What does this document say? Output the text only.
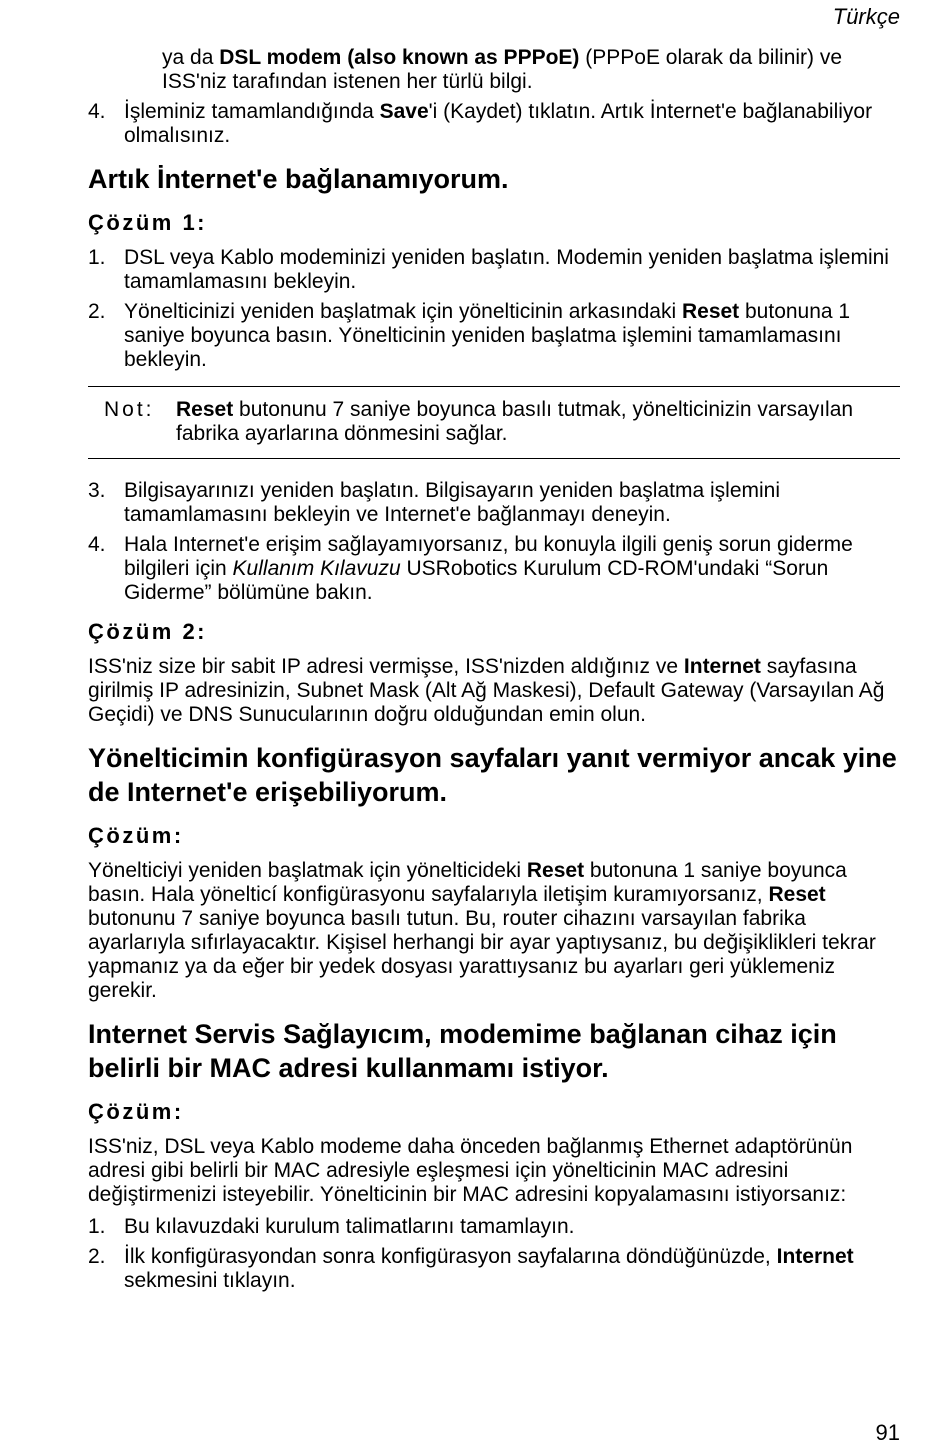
Türkçe

ya da DSL modem (also known as PPPoE) (PPPoE olarak da bilinir) ve ISS'niz tarafından istenen her türlü bilgi.

4. İşleminiz tamamlandığında Save'i (Kaydet) tıklatın. Artık İnternet'e bağlanabiliyor olmalısınız.
Artık İnternet'e bağlanamıyorum.
Çözüm 1:
1. DSL veya Kablo modeminizi yeniden başlatın. Modemin yeniden başlatma işlemini tamamlamasını bekleyin.
2. Yönelticinizi yeniden başlatmak için yönelticinin arkasındaki Reset butonuna 1 saniye boyunca basın. Yönelticinin yeniden başlatma işlemini tamamlamasını bekleyin.
Not:	Reset butonunu 7 saniye boyunca basılı tutmak, yönelticinizin varsayılan fabrika ayarlarına dönmesini sağlar.

3. Bilgisayarınızı yeniden başlatın. Bilgisayarın yeniden başlatma işlemini tamamlamasını bekleyin ve Internet'e bağlanmayı deneyin.
4. Hala Internet'e erişim sağlayamıyorsanız, bu konuyla ilgili geniş sorun giderme bilgileri için Kullanım Kılavuzu USRobotics Kurulum CD-ROM'undaki “Sorun Giderme” bölümüne bakın.
Çözüm 2:

ISS'niz size bir sabit IP adresi vermişse, ISS'nizden aldığınız ve Internet sayfasına girilmiş IP adresinizin, Subnet Mask (Alt Ağ Maskesi), Default Gateway (Varsayılan Ağ Geçidi) ve DNS Sunucularının doğru olduğundan emin olun.

Yönelticimin konfigürasyon sayfaları yanıt vermiyor ancak yine de Internet'e erişebiliyorum.
Çözüm:

Yönelticiyi yeniden başlatmak için yönelticideki Reset butonuna 1 saniye boyunca basın. Hala yönelticí konfigürasyonu sayfalarıyla iletişim kuramıyorsanız, Reset butonunu 7 saniye boyunca basılı tutun. Bu, router cihazını varsayılan fabrika ayarlarıyla sıfırlayacaktır. Kişisel herhangi bir ayar yaptıysanız, bu değişiklikleri tekrar yapmanız ya da eğer bir yedek dosyası yarattıysanız bu ayarları geri yüklemeniz gerekir.

Internet Servis Sağlayıcım, modemime bağlanan cihaz için belirli bir MAC adresi kullanmamı istiyor.
Çözüm:

ISS'niz, DSL veya Kablo modeme daha önceden bağlanmış Ethernet adaptörünün adresi gibi belirli bir MAC adresiyle eşleşmesi için yönelticinin MAC adresini değiştirmenizi isteyebilir. Yönelticinin bir MAC adresini kopyalamasını istiyorsanız:

1. Bu kılavuzdaki kurulum talimatlarını tamamlayın.
2. İlk konfigürasyondan sonra konfigürasyon sayfalarına döndüğünüzde, Internet sekmesini tıklayın.
91
